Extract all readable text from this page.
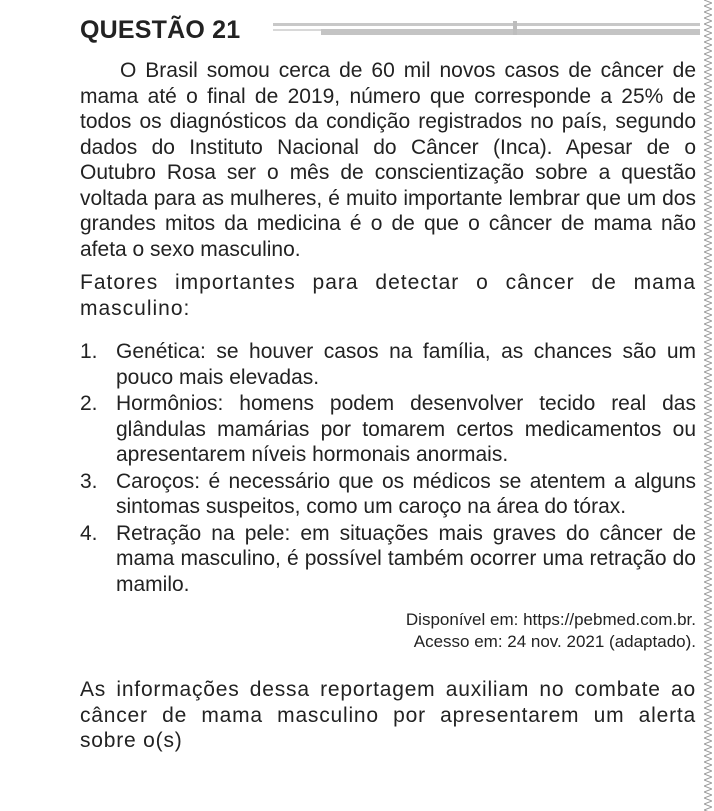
QUESTÃO 21

O Brasil somou cerca de 60 mil novos casos de câncer de mama até o final de 2019, número que corresponde a 25% de todos os diagnósticos da condição registrados no país, segundo dados do Instituto Nacional do Câncer (Inca). Apesar de o Outubro Rosa ser o mês de conscientização sobre a questão voltada para as mulheres, é muito importante lembrar que um dos grandes mitos da medicina é o de que o câncer de mama não afeta o sexo masculino.

Fatores importantes para detectar o câncer de mama masculino:

1. Genética: se houver casos na família, as chances são um pouco mais elevadas.
2. Hormônios: homens podem desenvolver tecido real das glândulas mamárias por tomarem certos medicamentos ou apresentarem níveis hormonais anormais.
3. Caroços: é necessário que os médicos se atentem a alguns sintomas suspeitos, como um caroço na área do tórax.
4. Retração na pele: em situações mais graves do câncer de mama masculino, é possível também ocorrer uma retração do mamilo.
Disponível em: https://pebmed.com.br.
Acesso em: 24 nov. 2021 (adaptado).

As informações dessa reportagem auxiliam no combate ao câncer de mama masculino por apresentarem um alerta sobre o(s)
